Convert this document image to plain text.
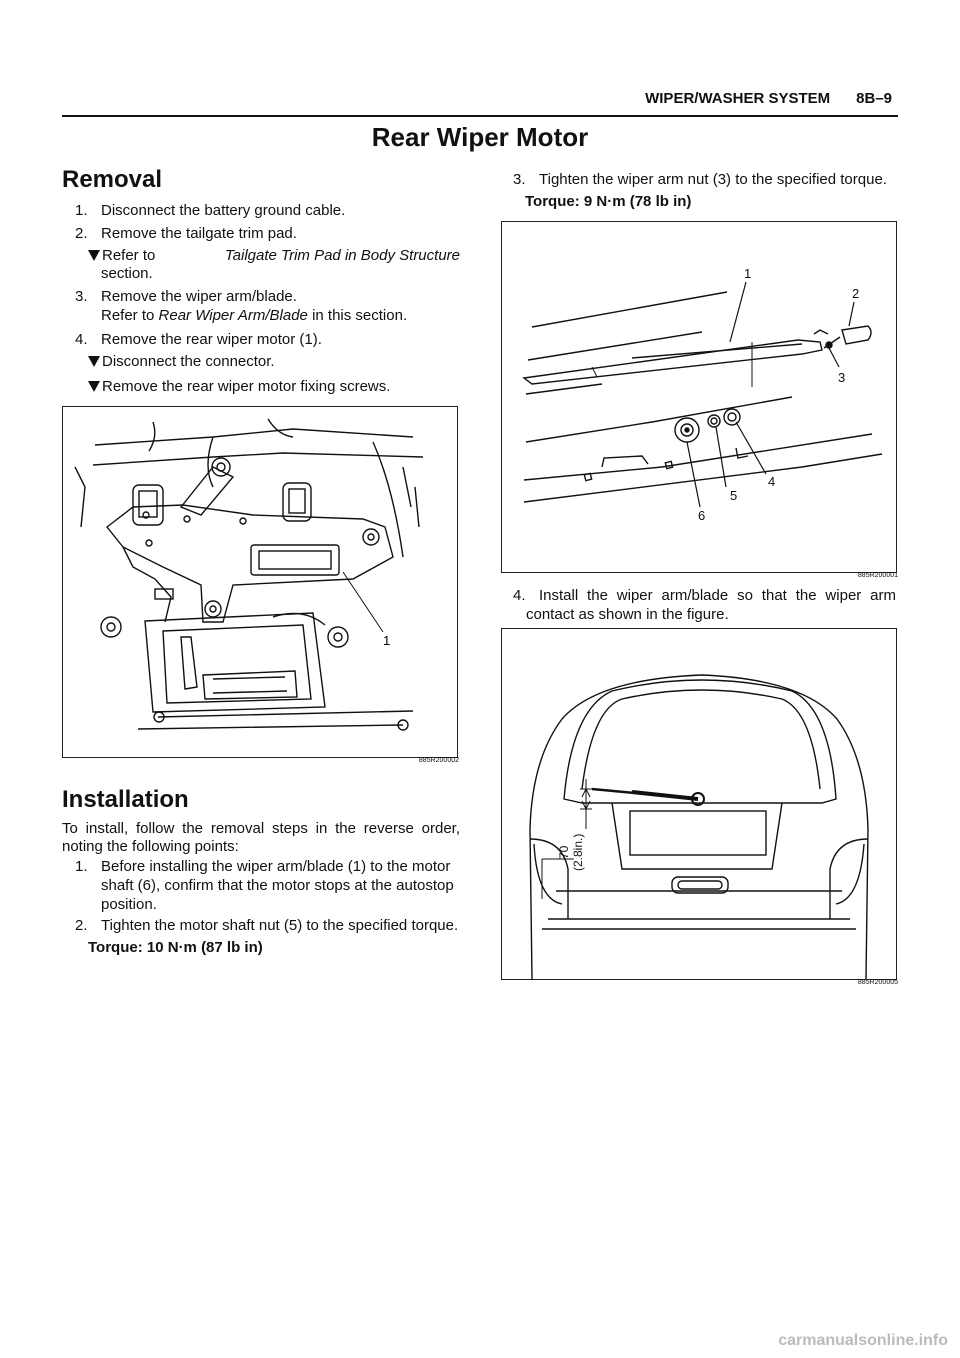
WIPER/WASHER SYSTEM 8B–9
Rear Wiper Motor
Removal
1. Disconnect the battery ground cable.
2. Remove the tailgate trim pad.
Refer to	Tailgate Trim Pad in Body Structure
section.
3. Remove the wiper arm/blade.
Refer to Rear Wiper Arm/Blade in this section.
4. Remove the rear wiper motor (1).
Disconnect the connector.
Remove the rear wiper motor fixing screws.
1
885R200002
Installation
To install, follow the removal steps in the reverse order,
noting the following points:
1. Before installing the wiper arm/blade (1) to the motor
shaft (6), confirm that the motor stops at the autostop
position.
2. Tighten the motor shaft nut (5) to the specified torque.
Torque: 10 N·m (87 lb in)
3. Tighten the wiper arm nut (3) to the specified torque.
Torque: 9 N·m (78 lb in)
1
2
3
4
5
6
885R200001
4. Install the wiper arm/blade so that the wiper arm
contact as shown in the figure.
70 (2.8in.)
885R200005
carmanualsonline.info
